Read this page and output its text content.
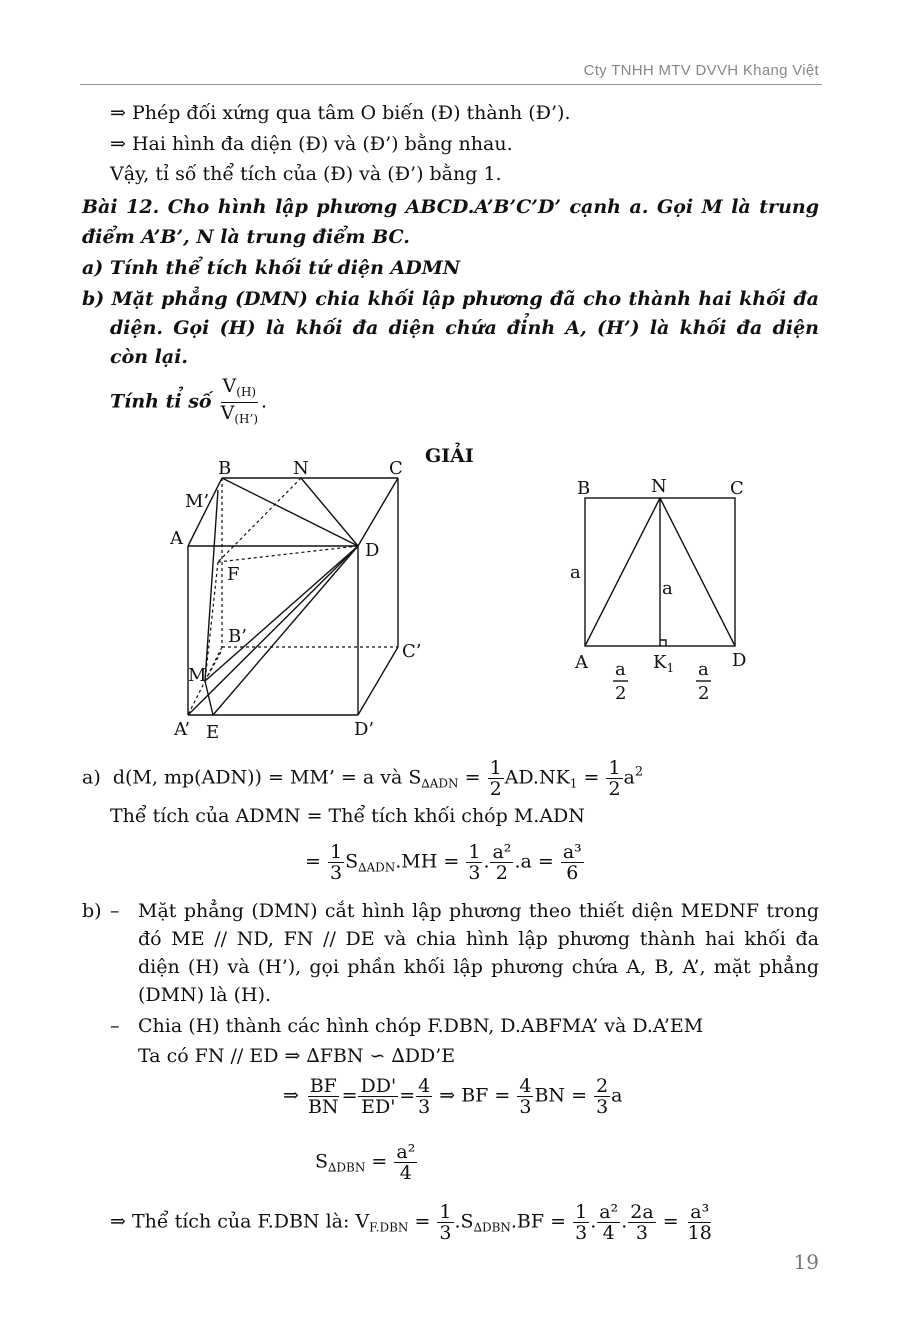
Cty TNHH MTV DVVH Khang Việt
⇒ Phép đối xứng qua tâm O biến (Đ) thành (Đ’).
⇒ Hai hình đa diện (Đ) và (Đ’) bằng nhau.
Vậy, tỉ số thể tích của (Đ) và (Đ’) bằng 1.
Bài 12. Cho hình lập phương ABCD.A’B’C’D’ cạnh a. Gọi M là trung
điểm A’B’, N là trung điểm BC.
a) Tính thể tích khối tứ diện ADMN
b) Mặt phẳng (DMN) chia khối lập phương đã cho thành hai khối đa
diện. Gọi (H) là khối đa diện chứa đỉnh A, (H’) là khối đa diện
còn lại.
Tính tỉ số $\frac{V_{(H)}}{V_{(H’)}}$ .
GIẢI
B	N	C
M’
A
D
F
B’
C’
M
A’ E	D’
B	N	C
a
a
A	$K_1$	D
a
2
a
2
a) d(M, mp(ADN)) = MM’ = a và $S_{\Delta ADN} = \frac{1}{2} AD.NK_1 = \frac{1}{2} a^2$
Thể tích của ADMN = Thể tích khối chóp M.ADN
= $\frac{1}{3} S_{\Delta ADN}.MH = \frac{1}{3}$ . $\frac{\text{a²}}{2} .a = \frac{\text{a³}}{6}$
b) – Mặt phẳng (DMN) cắt hình lập phương theo thiết diện MEDNF trong
đó ME // ND, FN // DE và chia hình lập phương thành hai khối đa
diện (H) và (H’), gọi phần khối lập phương chứa A, B, A’, mặt phẳng
(DMN) là (H).
– Chia (H) thành các hình chóp F.DBN, D.ABFMA’ và D.A’EM
Ta có FN // ED ⇒ ∆FBN ∽ ∆DD’E
⇒ $\frac{BF}{BN} = \frac{DD'}{ED'} = \frac{4}{3}$ ⇒ BF = $\frac{4}{3}$ BN = $\frac{2}{3}$ a
$S_{\Delta DBN} = \frac{\text{a²}}{4}$
⇒ Thể tích của F.DBN là: $V_{F.DBN} = \frac{1}{3} .S_{\Delta DBN}.BF = \frac{1}{3}$ . $\frac{\text{a²}}{4}$ . $\frac{2a}{3} = \frac{\text{a³}}{18}$
19
